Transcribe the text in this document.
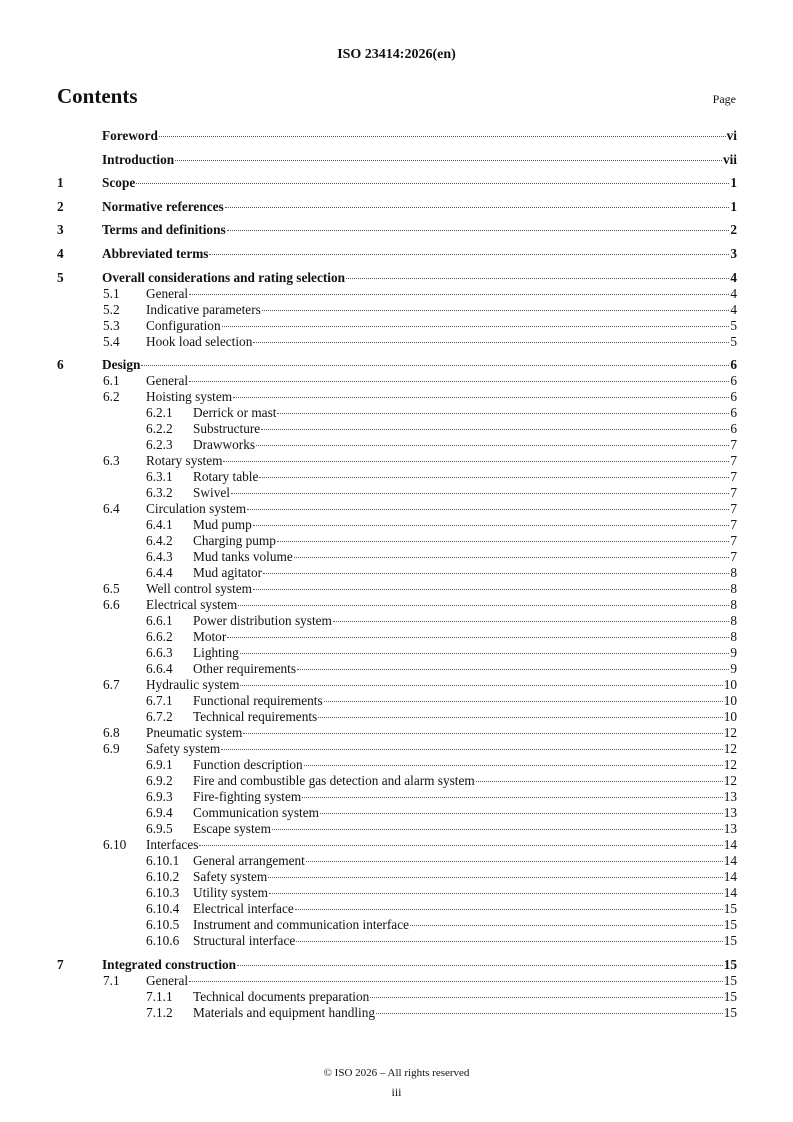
ISO 23414:2026(en)
Contents	Page
Foreword	vi
Introduction	vii
1	Scope	1
2	Normative references	1
3	Terms and definitions	2
4	Abbreviated terms	3
5	Overall considerations and rating selection	4
5.1	General	4
5.2	Indicative parameters	4
5.3	Configuration	5
5.4	Hook load selection	5
6	Design	6
6.1	General	6
6.2	Hoisting system	6
6.2.1	Derrick or mast	6
6.2.2	Substructure	6
6.2.3	Drawworks	7
6.3	Rotary system	7
6.3.1	Rotary table	7
6.3.2	Swivel	7
6.4	Circulation system	7
6.4.1	Mud pump	7
6.4.2	Charging pump	7
6.4.3	Mud tanks volume	7
6.4.4	Mud agitator	8
6.5	Well control system	8
6.6	Electrical system	8
6.6.1	Power distribution system	8
6.6.2	Motor	8
6.6.3	Lighting	9
6.6.4	Other requirements	9
6.7	Hydraulic system	10
6.7.1	Functional requirements	10
6.7.2	Technical requirements	10
6.8	Pneumatic system	12
6.9	Safety system	12
6.9.1	Function description	12
6.9.2	Fire and combustible gas detection and alarm system	12
6.9.3	Fire-fighting system	13
6.9.4	Communication system	13
6.9.5	Escape system	13
6.10	Interfaces	14
6.10.1	General arrangement	14
6.10.2	Safety system	14
6.10.3	Utility system	14
6.10.4	Electrical interface	15
6.10.5	Instrument and communication interface	15
6.10.6	Structural interface	15
7	Integrated construction	15
7.1	General	15
7.1.1	Technical documents preparation	15
7.1.2	Materials and equipment handling	15
© ISO 2026 – All rights reserved
iii
